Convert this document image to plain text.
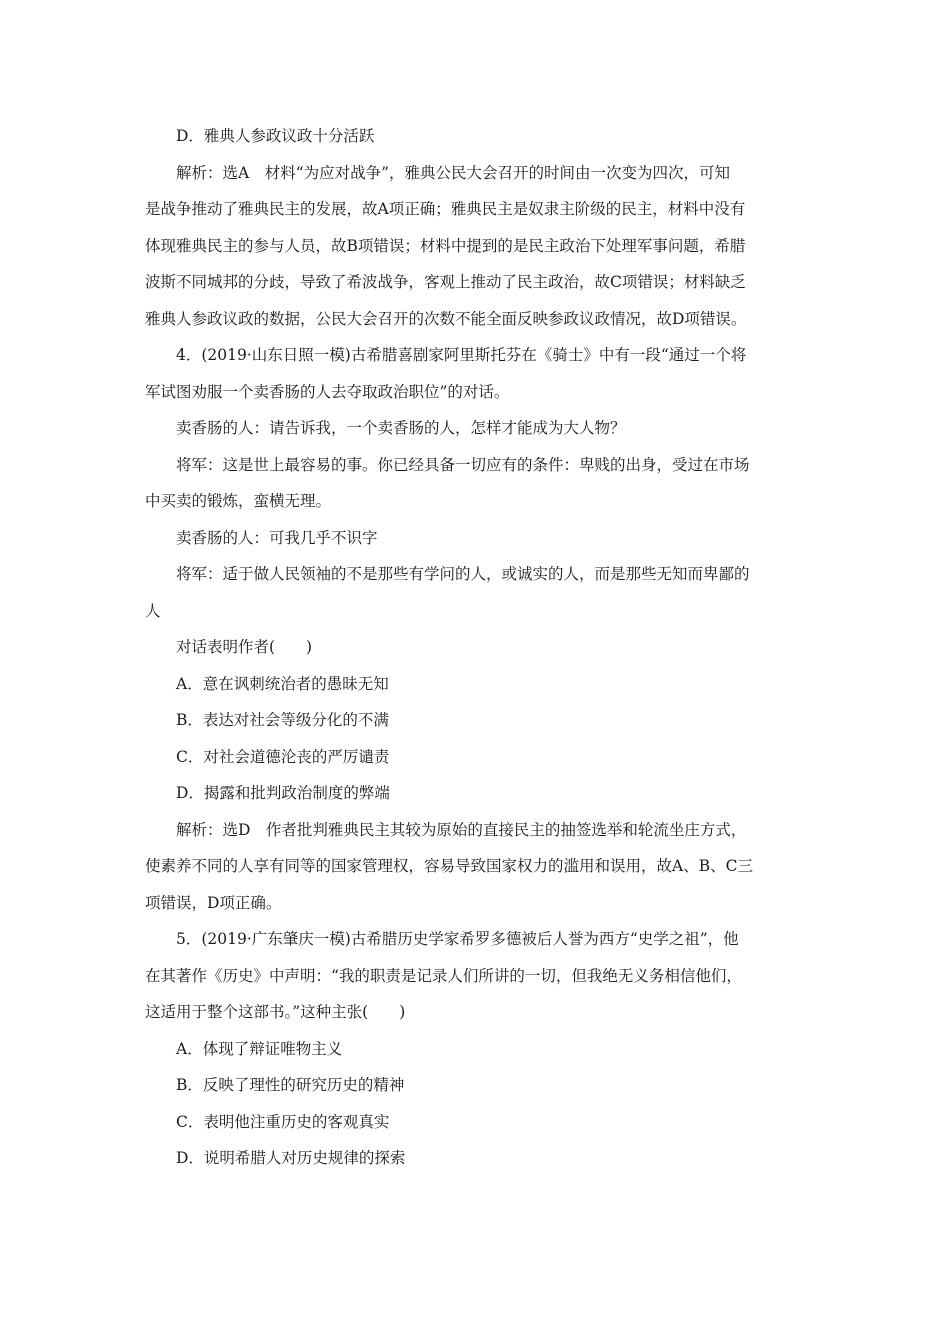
D．雅典人参政议政十分活跃
解析：选A　材料“为应对战争”，雅典公民大会召开的时间由一次变为四次，可知
是战争推动了雅典民主的发展，故A项正确；雅典民主是奴隶主阶级的民主，材料中没有
体现雅典民主的参与人员，故B项错误；材料中提到的是民主政治下处理军事问题，希腊
波斯不同城邦的分歧，导致了希波战争，客观上推动了民主政治，故C项错误；材料缺乏
雅典人参政议政的数据，公民大会召开的次数不能全面反映参政议政情况，故D项错误。
4．(2019·山东日照一模)古希腊喜剧家阿里斯托芬在《骑士》中有一段“通过一个将
军试图劝服一个卖香肠的人去夺取政治职位”的对话。
卖香肠的人：请告诉我，一个卖香肠的人，怎样才能成为大人物？
将军：这是世上最容易的事。你已经具备一切应有的条件：卑贱的出身，受过在市场
中买卖的锻炼，蛮横无理。
卖香肠的人：可我几乎不识字
将军：适于做人民领袖的不是那些有学问的人，或诚实的人，而是那些无知而卑鄙的
人
对话表明作者(　　)
A．意在讽刺统治者的愚昧无知
B．表达对社会等级分化的不满
C．对社会道德沦丧的严厉谴责
D．揭露和批判政治制度的弊端
解析：选D　作者批判雅典民主其较为原始的直接民主的抽签选举和轮流坐庄方式，
使素养不同的人享有同等的国家管理权，容易导致国家权力的滥用和误用，故A、B、C三
项错误，D项正确。
5．(2019·广东肇庆一模)古希腊历史学家希罗多德被后人誉为西方“史学之祖”，他
在其著作《历史》中声明：“我的职责是记录人们所讲的一切，但我绝无义务相信他们，
这适用于整个这部书。”这种主张(　　)
A．体现了辩证唯物主义
B．反映了理性的研究历史的精神
C．表明他注重历史的客观真实
D．说明希腊人对历史规律的探索
